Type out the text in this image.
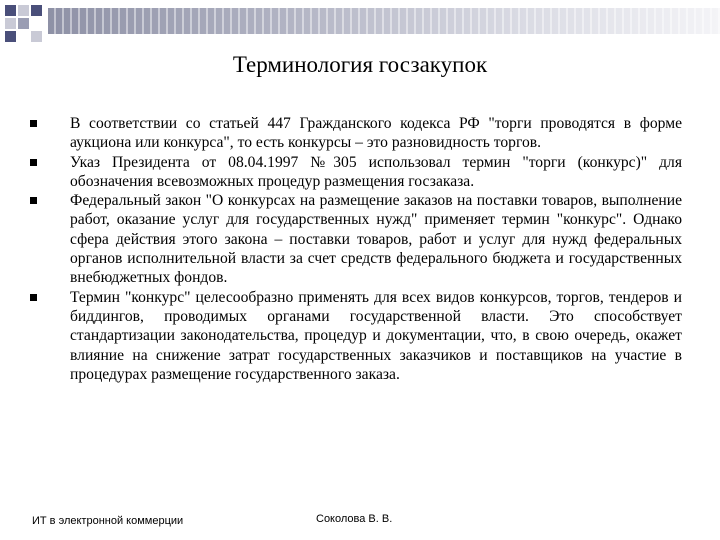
Терминология госзакупок
В соответствии со статьей 447 Гражданского кодекса РФ "торги проводятся в форме аукциона или конкурса", то есть конкурсы – это разновидность торгов.
Указ Президента от 08.04.1997 №305 использовал термин "торги (конкурс)" для обозначения всевозможных процедур размещения госзаказа.
Федеральный закон "О конкурсах на размещение заказов на поставки товаров, выполнение работ, оказание услуг для государственных нужд" применяет термин "конкурс". Однако сфера действия этого закона – поставки товаров, работ и услуг для нужд федеральных органов исполнительной власти за счет средств федерального бюджета и государственных внебюджетных фондов.
Термин "конкурс" целесообразно применять для всех видов конкурсов, торгов, тендеров и биддингов, проводимых органами государственной власти. Это способствует стандартизации законодательства, процедур и документации, что, в свою очередь, окажет влияние на снижение затрат государственных заказчиков и поставщиков на участие в процедурах размещение государственного заказа.
ИТ в электронной коммерции	Соколова В. В.
